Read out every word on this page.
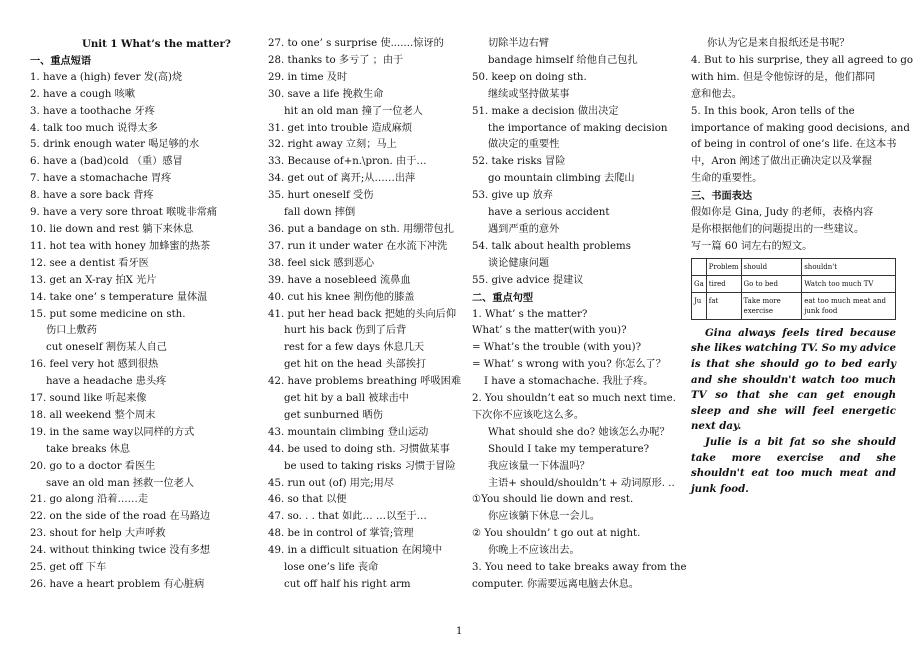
Unit 1 What’s the matter?
一、重点短语
1. have a (high) fever 发(高)烧
2. have a cough 咳嗽
3. have a toothache 牙疼
4. talk too much 说得太多
5. drink enough water 喝足够的水
6. have a (bad)cold （重）感冒
7. have a stomachache 胃疼
8. have a sore back 背疼
9. have a very sore throat 喉咙非常痛
10. lie down and rest 躺下来休息
11. hot tea with honey 加蜂蜜的热茶
12. see a dentist 看牙医
13. get an X-ray 拍X 光片
14. take one’ s temperature 量体温
15. put some medicine on sth.
伤口上敷药
cut oneself 割伤某人自己
16. feel very hot 感到很热
have a headache 患头疼
17. sound like 听起来像
18. all weekend 整个周末
19. in the same way以同样的方式
take breaks 休息
20. go to a doctor 看医生
save an old man 拯救一位老人
21. go along 沿着……走
22. on the side of the road 在马路边
23. shout for help 大声呼救
24. without thinking twice 没有多想
25. get off 下车
26. have a heart problem 有心脏病
27. to one’ s surprise 使.......惊讶的
28. thanks to 多亏了 ；由于
29. in time 及时
30. save a life 挽救生命
hit an old man 撞了一位老人
31. get into trouble 造成麻烦
32. right away 立刻；马上
33. Because of+n.\pron. 由于…
34. get out of 离开;从……出萍
35. hurt oneself 受伤
fall down 摔倒
36. put a bandage on sth. 用绷带包扎
37. run it under water 在水流下冲洗
38. feel sick 感到恶心
39. have a nosebleed 流鼻血
40. cut his knee 割伤他的膝盖
41. put her head back 把她的头向后仰
hurt his back 伤到了后背
rest for a few days 休息几天
get hit on the head 头部挨打
42. have problems breathing 呼吸困难
get hit by a ball 被球击中
get sunburned 晒伤
43. mountain climbing 登山运动
44. be used to doing sth. 习惯做某事
be used to taking risks 习惯于冒险
45. run out (of) 用完;用尽
46. so that 以便
47. so. . . that 如此… …以至于…
48. be in control of 掌管;管理
49. in a difficult situation 在闲境中
lose one’s life 丧命
cut off half his right arm
切除半边右臂
bandage himself 给他自己包扎
50. keep on doing sth.
继续或坚持做某事
51. make a decision 做出决定
the importance of making decision
做决定的重要性
52. take risks 冒险
go mountain climbing 去爬山
53. give up 放弃
have a serious accident
遇到严重的意外
54. talk about health problems
谈论健康问题
55. give advice 提建议
二、重点句型
1. What’ s the matter?
What’ s the matter(with you)?
= What’s the trouble (with you)?
= What’ s wrong with you? 你怎么了？
I have a stomachache. 我肚子疼。
2. You shouldn’t eat so much next time.
下次你不应该吃这么多。
What should she do? 她该怎么办呢？
Should I take my temperature?
我应该量一下体温吗？
主语+ should/shouldn’t + 动词原形. ..
①You should lie down and rest.
你应该躺下休息一会儿。
② You shouldn’ t go out at night.
你晚上不应该出去。
3. You need to take breaks away from the
computer. 你需要远离电脑去休息。
你认为它是来自报纸还是书呢？
4. But to his surprise, they all agreed to go
with him. 但是令他惊讶的是，他们都同
意和他去。
5. In this book, Aron tells of the
importance of making good decisions, and
of being in control of one’s life. 在这本书
中，Aron 阐述了做出正确决定以及掌握
生命的重要性。
三、书面表达
假如你是 Gina, Judy 的老师，表格内容
是你根据他们的问题提出的一些建议。
写一篇 60 词左右的短文。
	Problem	should	shouldn't
Ga	tired	Go to bed	Watch too much TV
Ju	fat	Take more exercise	eat too much meat and junk food
Gina always feels tired because she likes watching TV. So my advice is that she should go to bed early and she shouldn't watch too much TV so that she can get enough sleep and she will feel energetic next day.
Julie is a bit fat so she should take more exercise and she shouldn't eat too much meat and junk food.
1
